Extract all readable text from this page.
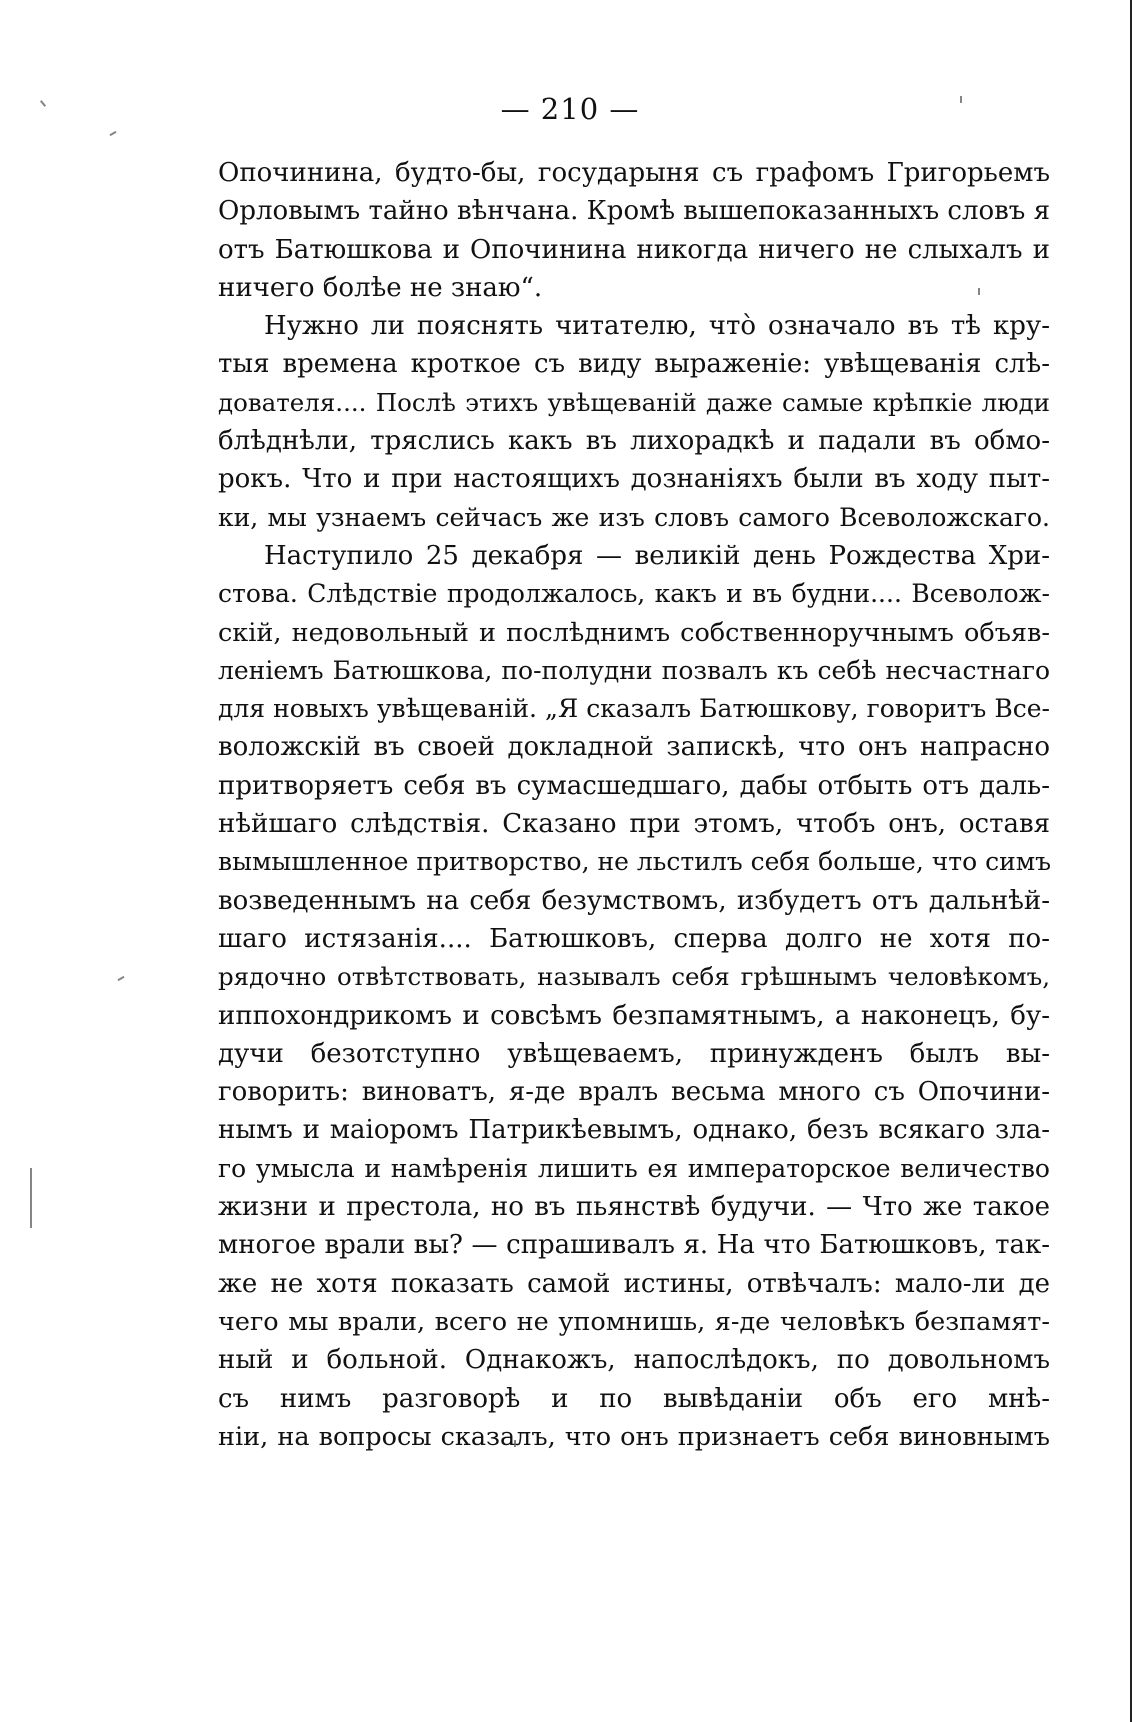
— 210 —
Опочинина, будто-бы, государыня съ графомъ Григорьемъ
Орловымъ тайно вѣнчана. Кромѣ вышепоказанныхъ словъ я
отъ Батюшкова и Опочинина никогда ничего не слыхалъ и
ничего болѣе не знаю“.
Нужно ли пояснять читателю, что̀ означало въ тѣ кру-
тыя времена кроткое съ виду выраженіе: увѣщеванія слѣ-
дователя.... Послѣ этихъ увѣщеваній даже самые крѣпкіе люди
блѣднѣли, тряслись какъ въ лихорадкѣ и падали въ обмо-
рокъ. Что и при настоящихъ дознаніяхъ были въ ходу пыт-
ки, мы узнаемъ сейчасъ же изъ словъ самого Всеволожскаго.
Наступило 25 декабря — великій день Рождества Хри-
стова. Слѣдствіе продолжалось, какъ и въ будни.... Всеволож-
скій, недовольный и послѣднимъ собственноручнымъ объяв-
леніемъ Батюшкова, по-полудни позвалъ къ себѣ несчастнаго
для новыхъ увѣщеваній. „Я сказалъ Батюшкову, говоритъ Все-
воложскій въ своей докладной запискѣ, что онъ напрасно
притворяетъ себя въ сумасшедшаго, дабы отбыть отъ даль-
нѣйшаго слѣдствія. Сказано при этомъ, чтобъ онъ, оставя
вымышленное притворство, не льстилъ себя больше, что симъ
возведеннымъ на себя безумствомъ, избудетъ отъ дальнѣй-
шаго истязанія.... Батюшковъ, сперва долго не хотя по-
рядочно отвѣтствовать, называлъ себя грѣшнымъ человѣкомъ,
иппохондрикомъ и совсѣмъ безпамятнымъ, а наконецъ, бу-
дучи безотступно увѣщеваемъ, принужденъ былъ вы-
говорить: виноватъ, я-де вралъ весьма много съ Опочини-
нымъ и маіоромъ Патрикѣевымъ, однако, безъ всякаго зла-
го умысла и намѣренія лишить ея императорское величество
жизни и престола, но въ пьянствѣ будучи. — Что же такое
многое врали вы? — спрашивалъ я. На что Батюшковъ, так-
же не хотя показать самой истины, отвѣчалъ: мало-ли де
чего мы врали, всего не упомнишь, я-де человѣкъ безпамят-
ный и больной. Однакожъ, напослѣдокъ, по довольномъ
съ нимъ разговорѣ и по вывѣданіи объ его мнѣ-
ніи, на вопросы сказалъ, что онъ признаетъ себя виновнымъ
